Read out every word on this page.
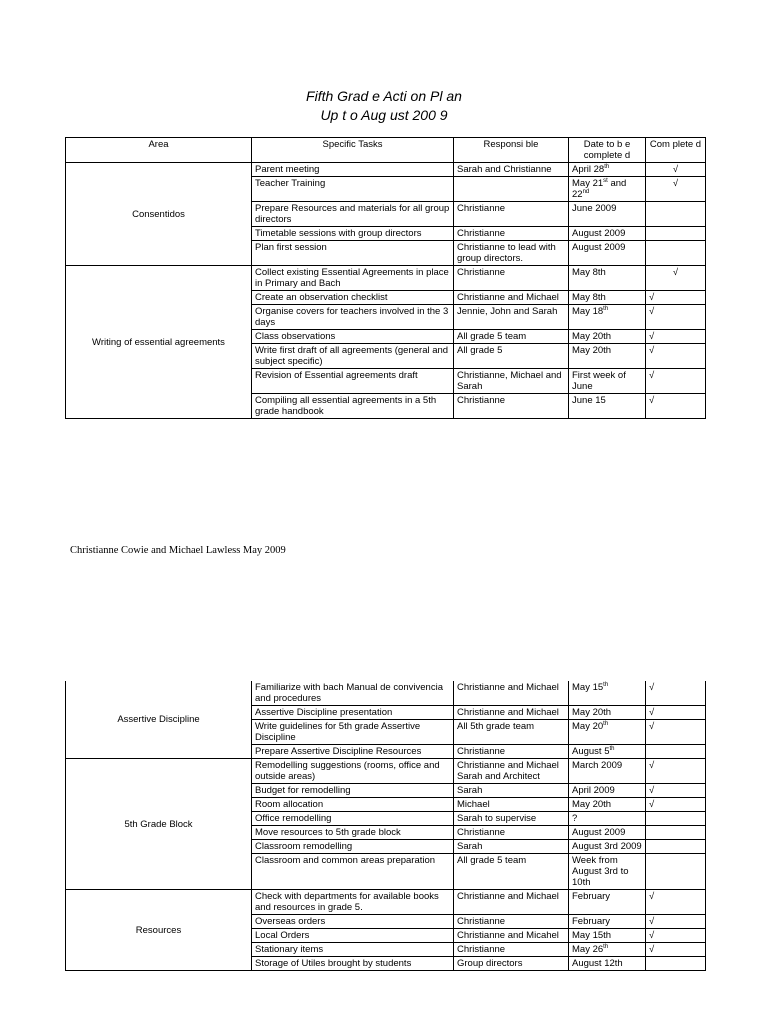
Fifth Grad e Acti on Pl an
Up t o Aug ust 200 9
Area	Specific Tasks	Responsi ble	Date to b e complete d	Com plete d
Consentidos	Parent meeting	Sarah and Christianne	April 28th	√
	Teacher Training		May 21st and 22nd	√
	Prepare Resources and materials for all group directors	Christianne	June 2009	
	Timetable sessions with group directors	Christianne	August 2009	
	Plan first session	Christianne to lead with group directors.	August 2009	
Writing of essential agreements	Collect existing Essential Agreements in place in Primary and Bach	Christianne	May 8th	√
	Create an observation checklist	Christianne and Michael	May 8th	√
	Organise covers for teachers involved in the 3 days	Jennie, John and Sarah	May 18th	√
	Class observations	All grade 5 team	May 20th	√
	Write first draft of all agreements (general and subject specific)	All grade 5	May 20th	√
	Revision of Essential agreements draft	Christianne, Michael and Sarah	First week of June	√
	Compiling all essential agreements in a 5th grade handbook	Christianne	June 15	√
Christianne Cowie and Michael Lawless May 2009
Assertive Discipline	Familiarize with bach Manual de convivencia and procedures	Christianne and Michael	May 15th	√
	Assertive Discipline presentation	Christianne and Michael	May 20th	√
	Write guidelines for 5th grade Assertive Discipline	All 5th grade team	May 20th	√
	Prepare Assertive Discipline Resources	Christianne	August 5th	
5th Grade Block	Remodelling suggestions (rooms, office and outside areas)	Christianne and Michael Sarah and Architect	March 2009	√
	Budget for remodelling	Sarah	April 2009	√
	Room allocation	Michael	May 20th	√
	Office remodelling	Sarah to supervise	?	
	Move resources to 5th grade block	Christianne	August 2009	
	Classroom remodelling	Sarah	August 3rd 2009	
	Classroom and common areas preparation	All grade 5 team	Week from August 3rd to 10th	
Resources	Check with departments for available books and resources in grade 5.	Christianne and Michael	February	√
	Overseas orders	Christianne	February	√
	Local Orders	Christianne and Micahel	May 15th	√
	Stationary items	Christianne	May 26th	√
	Storage of Utiles brought by students	Group directors	August 12th	
